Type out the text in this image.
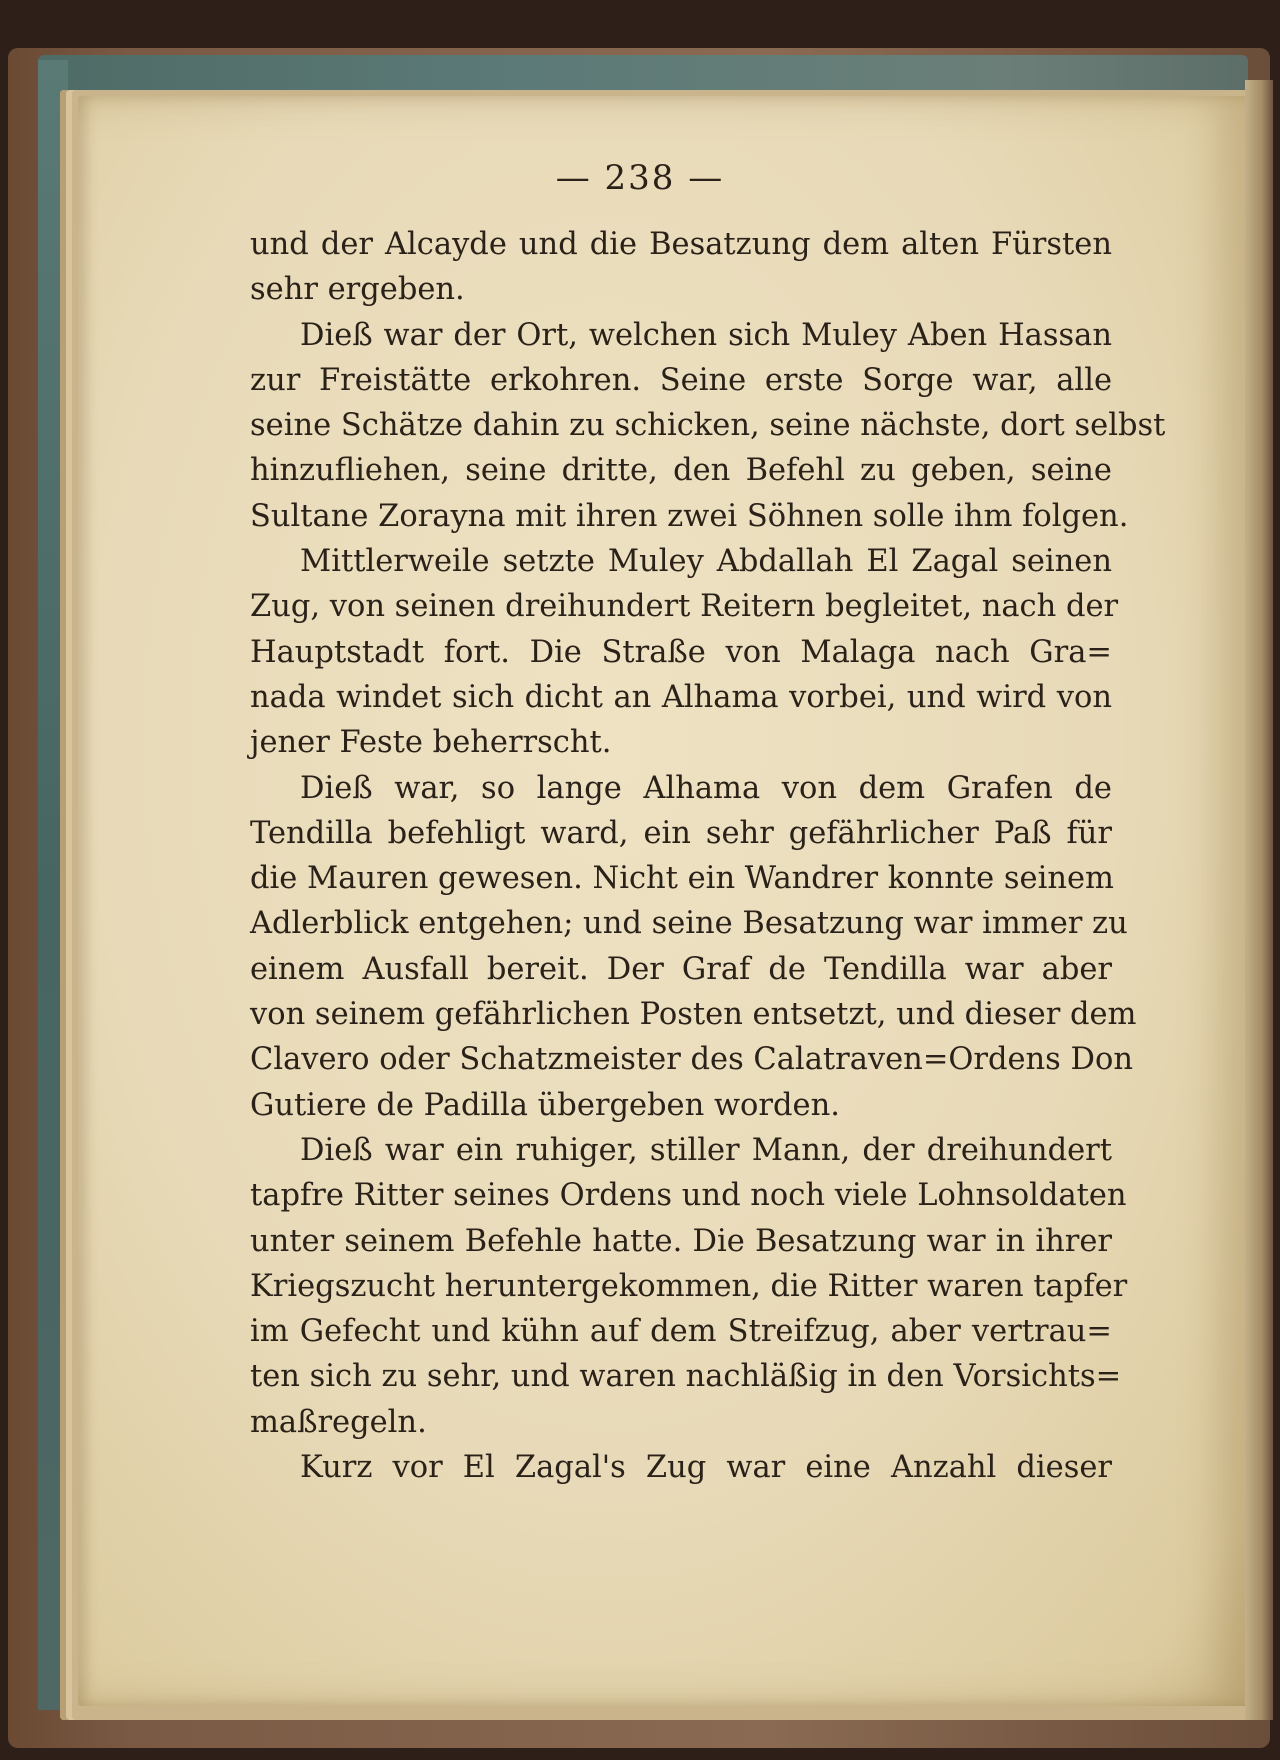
— 238 —
und der Alcayde und die Besatzung dem alten Fürsten
sehr ergeben.
Dieß war der Ort, welchen sich Muley Aben Hassan
zur Freistätte erkohren. Seine erste Sorge war, alle
seine Schätze dahin zu schicken, seine nächste, dort selbst
hinzufliehen, seine dritte, den Befehl zu geben, seine
Sultane Zorayna mit ihren zwei Söhnen solle ihm folgen.
Mittlerweile setzte Muley Abdallah El Zagal seinen
Zug, von seinen dreihundert Reitern begleitet, nach der
Hauptstadt fort. Die Straße von Malaga nach Gra=
nada windet sich dicht an Alhama vorbei, und wird von
jener Feste beherrscht.
Dieß war, so lange Alhama von dem Grafen de
Tendilla befehligt ward, ein sehr gefährlicher Paß für
die Mauren gewesen. Nicht ein Wandrer konnte seinem
Adlerblick entgehen; und seine Besatzung war immer zu
einem Ausfall bereit. Der Graf de Tendilla war aber
von seinem gefährlichen Posten entsetzt, und dieser dem
Clavero oder Schatzmeister des Calatraven=Ordens Don
Gutiere de Padilla übergeben worden.
Dieß war ein ruhiger, stiller Mann, der dreihundert
tapfre Ritter seines Ordens und noch viele Lohnsoldaten
unter seinem Befehle hatte. Die Besatzung war in ihrer
Kriegszucht heruntergekommen, die Ritter waren tapfer
im Gefecht und kühn auf dem Streifzug, aber vertrau=
ten sich zu sehr, und waren nachläßig in den Vorsichts=
maßregeln.
Kurz vor El Zagal's Zug war eine Anzahl dieser
